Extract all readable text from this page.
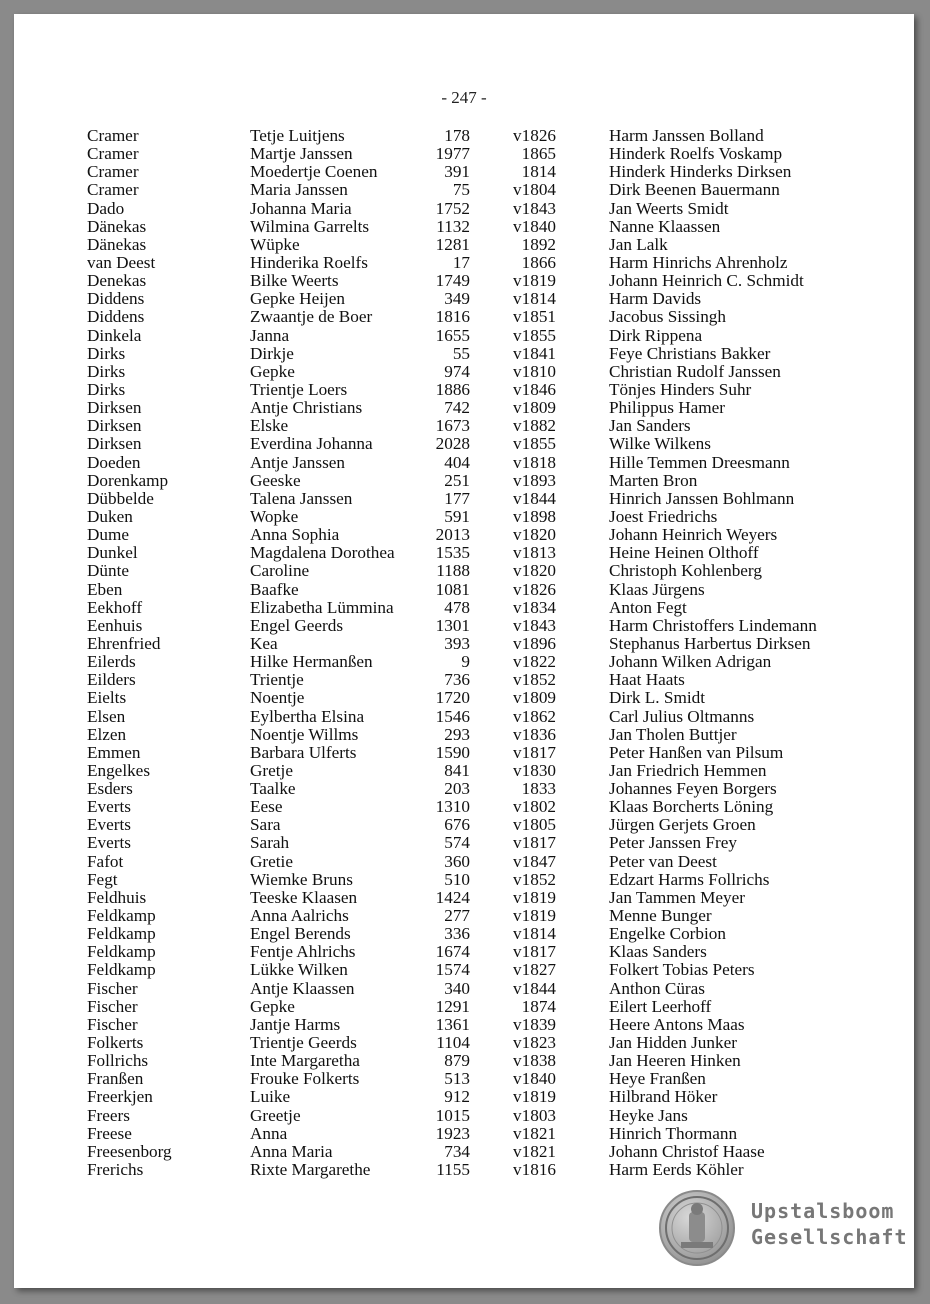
- 247 -
Cramer	Tetje Luitjens	178	v1826	Harm Janssen Bolland
Cramer	Martje Janssen	1977	1865	Hinderk Roelfs Voskamp
Cramer	Moedertje Coenen	391	1814	Hinderk Hinderks Dirksen
Cramer	Maria Janssen	75	v1804	Dirk Beenen Bauermann
Dado	Johanna Maria	1752	v1843	Jan Weerts Smidt
Dänekas	Wilmina Garrelts	1132	v1840	Nanne Klaassen
Dänekas	Wüpke	1281	1892	Jan Lalk
van Deest	Hinderika Roelfs	17	1866	Harm Hinrichs Ahrenholz
Denekas	Bilke Weerts	1749	v1819	Johann Heinrich C. Schmidt
Diddens	Gepke Heijen	349	v1814	Harm Davids
Diddens	Zwaantje de Boer	1816	v1851	Jacobus Sissingh
Dinkela	Janna	1655	v1855	Dirk Rippena
Dirks	Dirkje	55	v1841	Feye Christians Bakker
Dirks	Gepke	974	v1810	Christian Rudolf Janssen
Dirks	Trientje Loers	1886	v1846	Tönjes Hinders Suhr
Dirksen	Antje Christians	742	v1809	Philippus Hamer
Dirksen	Elske	1673	v1882	Jan Sanders
Dirksen	Everdina Johanna	2028	v1855	Wilke Wilkens
Doeden	Antje Janssen	404	v1818	Hille Temmen Dreesmann
Dorenkamp	Geeske	251	v1893	Marten Bron
Dübbelde	Talena Janssen	177	v1844	Hinrich Janssen Bohlmann
Duken	Wopke	591	v1898	Joest Friedrichs
Dume	Anna Sophia	2013	v1820	Johann Heinrich Weyers
Dunkel	Magdalena Dorothea	1535	v1813	Heine Heinen Olthoff
Dünte	Caroline	1188	v1820	Christoph Kohlenberg
Eben	Baafke	1081	v1826	Klaas Jürgens
Eekhoff	Elizabetha Lümmina	478	v1834	Anton Fegt
Eenhuis	Engel Geerds	1301	v1843	Harm Christoffers Lindemann
Ehrenfried	Kea	393	v1896	Stephanus Harbertus Dirksen
Eilerds	Hilke Hermanßen	9	v1822	Johann Wilken Adrigan
Eilders	Trientje	736	v1852	Haat Haats
Eielts	Noentje	1720	v1809	Dirk L. Smidt
Elsen	Eylbertha Elsina	1546	v1862	Carl Julius Oltmanns
Elzen	Noentje Willms	293	v1836	Jan Tholen Buttjer
Emmen	Barbara Ulferts	1590	v1817	Peter Hanßen van Pilsum
Engelkes	Gretje	841	v1830	Jan Friedrich Hemmen
Esders	Taalke	203	1833	Johannes Feyen Borgers
Everts	Eese	1310	v1802	Klaas Borcherts Löning
Everts	Sara	676	v1805	Jürgen Gerjets Groen
Everts	Sarah	574	v1817	Peter Janssen Frey
Fafot	Gretie	360	v1847	Peter van Deest
Fegt	Wiemke Bruns	510	v1852	Edzart Harms Follrichs
Feldhuis	Teeske Klaasen	1424	v1819	Jan Tammen Meyer
Feldkamp	Anna Aalrichs	277	v1819	Menne Bunger
Feldkamp	Engel Berends	336	v1814	Engelke Corbion
Feldkamp	Fentje Ahlrichs	1674	v1817	Klaas Sanders
Feldkamp	Lükke Wilken	1574	v1827	Folkert Tobias Peters
Fischer	Antje Klaassen	340	v1844	Anthon Cüras
Fischer	Gepke	1291	1874	Eilert Leerhoff
Fischer	Jantje Harms	1361	v1839	Heere Antons Maas
Folkerts	Trientje Geerds	1104	v1823	Jan Hidden Junker
Follrichs	Inte Margaretha	879	v1838	Jan Heeren Hinken
Franßen	Frouke Folkerts	513	v1840	Heye Franßen
Freerkjen	Luike	912	v1819	Hilbrand Höker
Freers	Greetje	1015	v1803	Heyke Jans
Freese	Anna	1923	v1821	Hinrich Thormann
Freesenborg	Anna Maria	734	v1821	Johann Christof Haase
Frerichs	Rixte Margarethe	1155	v1816	Harm Eerds Köhler
Upstalsboom
Gesellschaft
